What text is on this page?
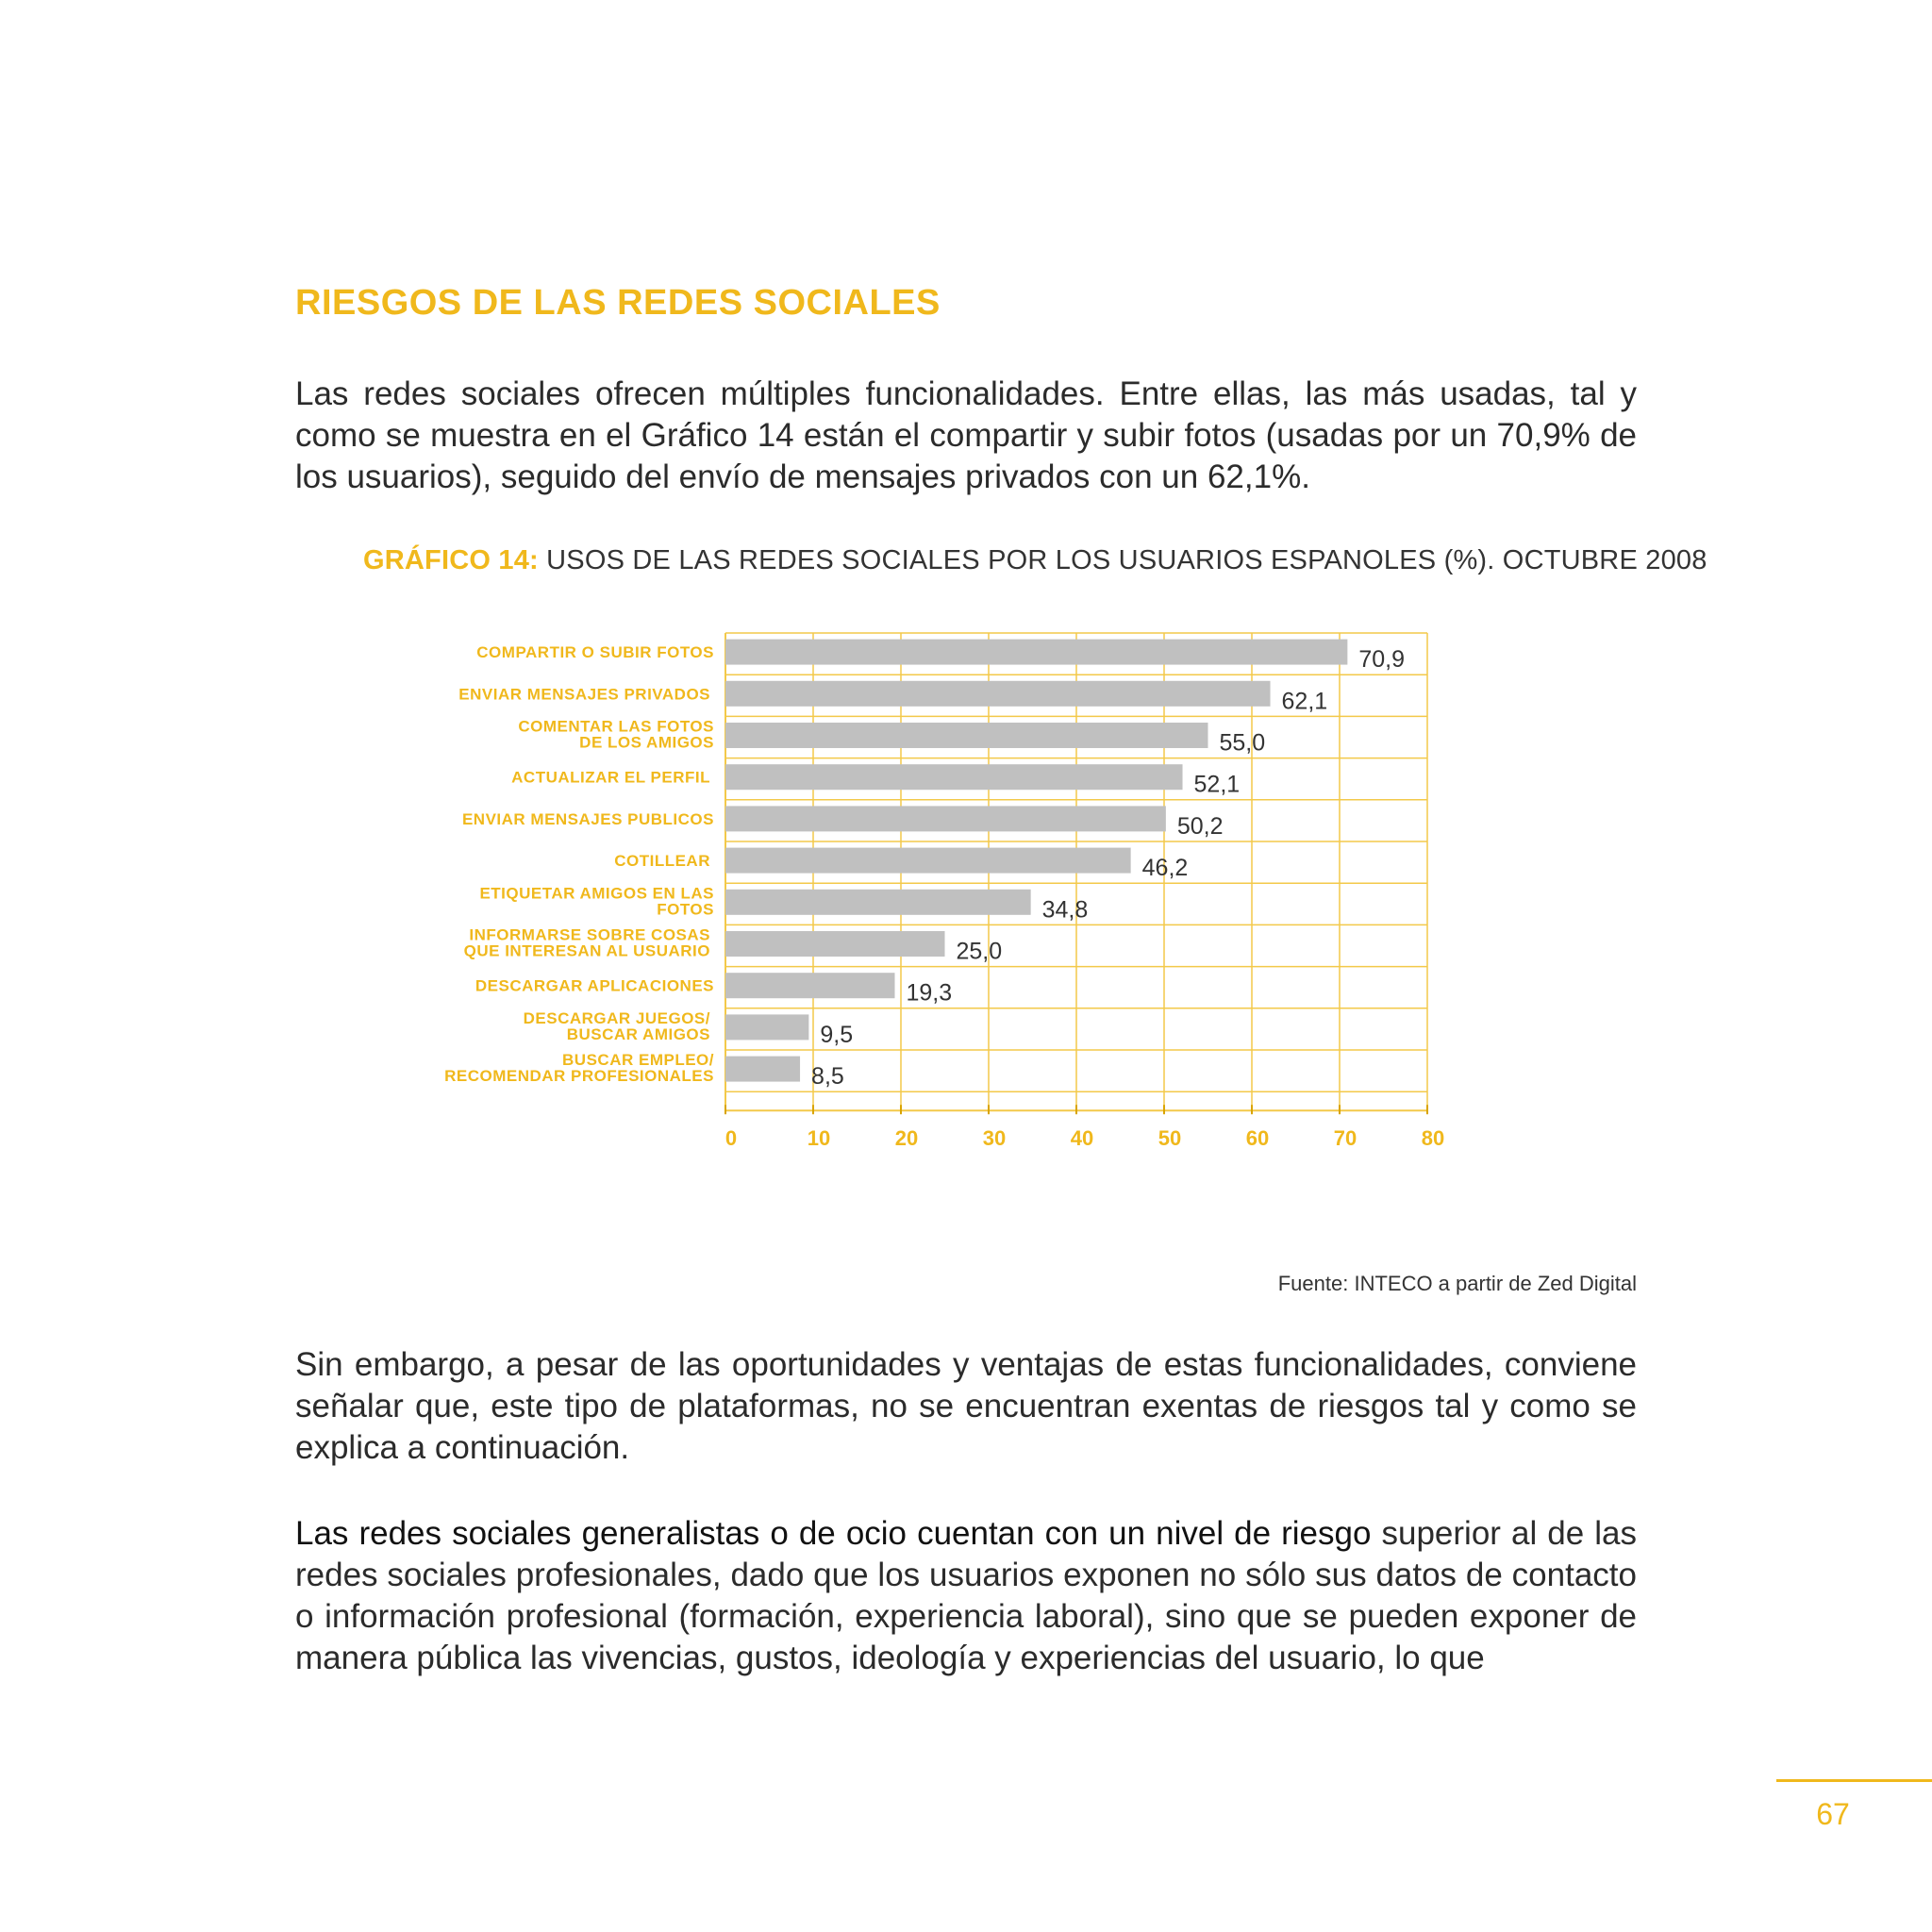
RIESGOS DE LAS REDES SOCIALES
Las redes sociales ofrecen múltiples funcionalidades. Entre ellas, las más usadas, tal y como se muestra en el Gráfico 14 están el compartir y subir fotos (usadas por un 70,9% de los usuarios), seguido del envío de mensajes privados con un 62,1%.
GRÁFICO 14: USOS DE LAS REDES SOCIALES POR LOS USUARIOS ESPANOLES (%). OCTUBRE 2008
70,9
62,1
55,0
52,1
50,2
46,2
34,8
25,0
19,3
9,5
8,5
COMPARTIR O SUBIR FOTOS
ENVIAR MENSAJES PRIVADOS
COMENTAR LAS FOTOS
DE LOS AMIGOS
ACTUALIZAR EL PERFIL
ENVIAR MENSAJES PUBLICOS
COTILLEAR
ETIQUETAR AMIGOS EN LAS
FOTOS
INFORMARSE SOBRE COSAS
QUE INTERESAN AL USUARIO
DESCARGAR APLICACIONES
DESCARGAR JUEGOS/
BUSCAR AMIGOS
BUSCAR EMPLEO/
RECOMENDAR PROFESIONALES
0	10	20	30	40	50	60	70	80
Fuente: INTECO a partir de Zed Digital
Sin embargo, a pesar de las oportunidades y ventajas de estas funcionalidades, conviene señalar que, este tipo de plataformas, no se encuentran exentas de riesgos tal y como se explica a continuación.
Las redes sociales generalistas o de ocio cuentan con un nivel de riesgo superior al de las redes sociales profesionales, dado que los usuarios exponen no sólo sus datos de contacto o información profesional (formación, experiencia laboral), sino que se pueden exponer de manera pública las vivencias, gustos, ideología y experiencias del usuario, lo que
67
